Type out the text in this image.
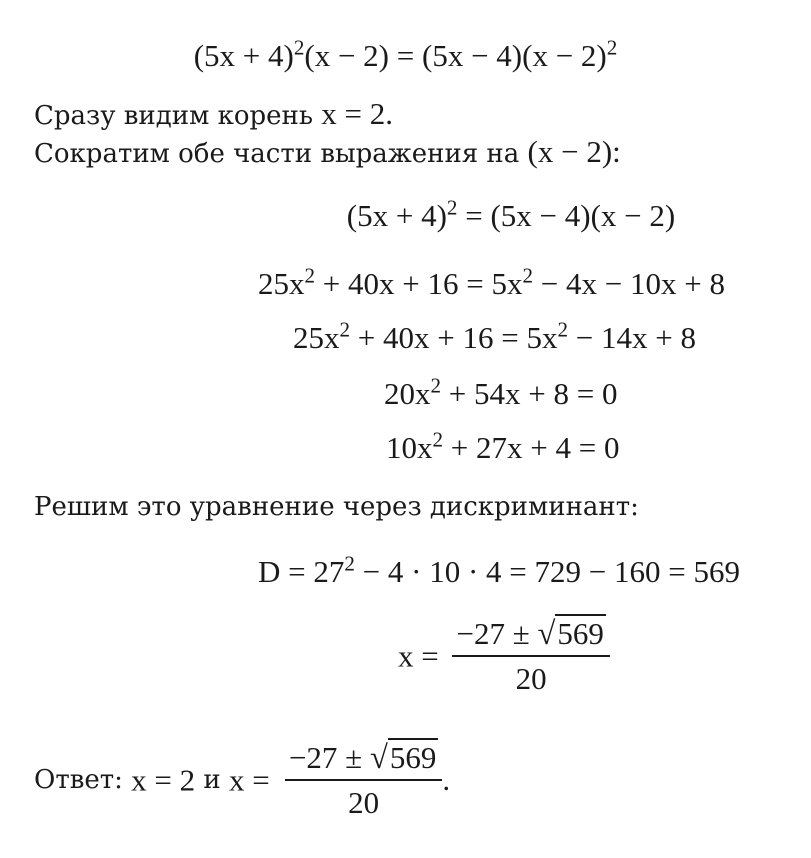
$(5x + 4)^2(x - 2) = (5x - 4)(x - 2)^2$
Сразу видим корень x = 2.
Сократим обе части выражения на (x − 2):
$(5x + 4)^2 = (5x - 4)(x - 2)$
$25x^2 + 40x + 16 = 5x^2 - 4x - 10x + 8$
$25x^2 + 40x + 16 = 5x^2 - 14x + 8$
$20x^2 + 54x + 8 = 0$
$10x^2 + 27x + 4 = 0$
Решим это уравнение через дискриминант:
$D = 27^2 - 4 \cdot 10 \cdot 4 = 729 - 160 = 569$
$x = \frac{-27 \pm √569}{20}$
Ответ: x = 2 и $x = \frac{-27 \pm √569}{20}$ .
